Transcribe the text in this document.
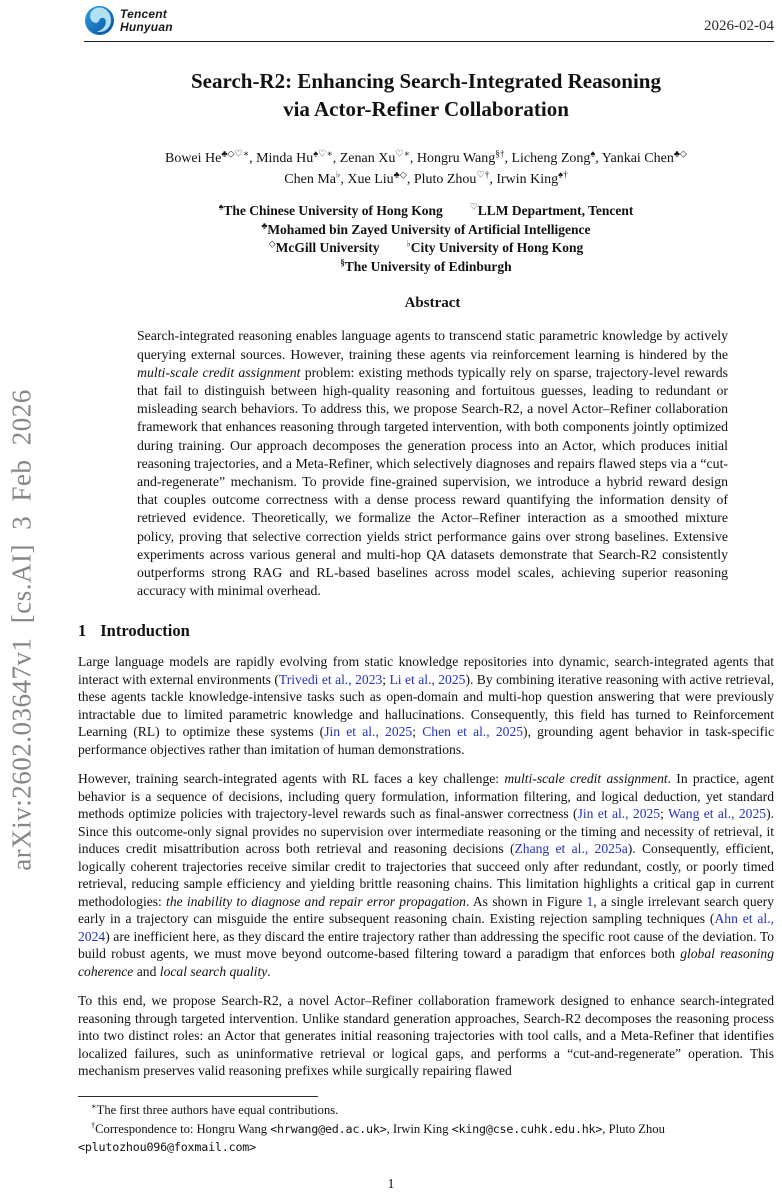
arXiv:2602.03647v1 [cs.AI] 3 Feb 2026
Tencent
Hunyuan	2026-02-04
Search-R2: Enhancing Search-Integrated Reasoning
via Actor-Refiner Collaboration
Bowei He♣◇♡∗, Minda Hu♠♡∗, Zenan Xu♡∗, Hongru Wang§†, Licheng Zong♠, Yankai Chen♣◇
Chen Ma♭, Xue Liu♣◇, Pluto Zhou♡†, Irwin King♠†
♠The Chinese University of Hong Kong	♡LLM Department, Tencent
♣Mohamed bin Zayed University of Artificial Intelligence
◇McGill University	♭City University of Hong Kong
§The University of Edinburgh
Abstract
Search-integrated reasoning enables language agents to transcend static parametric knowledge by actively querying external sources. However, training these agents via reinforcement learning is hindered by the multi-scale credit assignment problem: existing methods typically rely on sparse, trajectory-level rewards that fail to distinguish between high-quality reasoning and fortuitous guesses, leading to redundant or misleading search behaviors. To address this, we propose Search-R2, a novel Actor–Refiner collaboration framework that enhances reasoning through targeted intervention, with both components jointly optimized during training. Our approach decomposes the generation process into an Actor, which produces initial reasoning trajectories, and a Meta-Refiner, which selectively diagnoses and repairs flawed steps via a “cut-and-regenerate” mechanism. To provide fine-grained supervision, we introduce a hybrid reward design that couples outcome correctness with a dense process reward quantifying the information density of retrieved evidence. Theoretically, we formalize the Actor–Refiner interaction as a smoothed mixture policy, proving that selective correction yields strict performance gains over strong baselines. Extensive experiments across various general and multi-hop QA datasets demonstrate that Search-R2 consistently outperforms strong RAG and RL-based baselines across model scales, achieving superior reasoning accuracy with minimal overhead.
1 Introduction
Large language models are rapidly evolving from static knowledge repositories into dynamic, search-integrated agents that interact with external environments (Trivedi et al., 2023; Li et al., 2025). By combining iterative reasoning with active retrieval, these agents tackle knowledge-intensive tasks such as open-domain and multi-hop question answering that were previously intractable due to limited parametric knowledge and hallucinations. Consequently, this field has turned to Reinforcement Learning (RL) to optimize these systems (Jin et al., 2025; Chen et al., 2025), grounding agent behavior in task-specific performance objectives rather than imitation of human demonstrations.
However, training search-integrated agents with RL faces a key challenge: multi-scale credit assignment. In practice, agent behavior is a sequence of decisions, including query formulation, information filtering, and logical deduction, yet standard methods optimize policies with trajectory-level rewards such as final-answer correctness (Jin et al., 2025; Wang et al., 2025). Since this outcome-only signal provides no supervision over intermediate reasoning or the timing and necessity of retrieval, it induces credit misattribution across both retrieval and reasoning decisions (Zhang et al., 2025a). Consequently, efficient, logically coherent trajectories receive similar credit to trajectories that succeed only after redundant, costly, or poorly timed retrieval, reducing sample efficiency and yielding brittle reasoning chains. This limitation highlights a critical gap in current methodologies: the inability to diagnose and repair error propagation. As shown in Figure 1, a single irrelevant search query early in a trajectory can misguide the entire subsequent reasoning chain. Existing rejection sampling techniques (Ahn et al., 2024) are inefficient here, as they discard the entire trajectory rather than addressing the specific root cause of the deviation. To build robust agents, we must move beyond outcome-based filtering toward a paradigm that enforces both global reasoning coherence and local search quality.
To this end, we propose Search-R2, a novel Actor–Refiner collaboration framework designed to enhance search-integrated reasoning through targeted intervention. Unlike standard generation approaches, Search-R2 decomposes the reasoning process into two distinct roles: an Actor that generates initial reasoning trajectories with tool calls, and a Meta-Refiner that identifies localized failures, such as uninformative retrieval or logical gaps, and performs a “cut-and-regenerate” operation. This mechanism preserves valid reasoning prefixes while surgically repairing flawed
∗The first three authors have equal contributions.
†Correspondence to: Hongru Wang <hrwang@ed.ac.uk>, Irwin King <king@cse.cuhk.edu.hk>, Pluto Zhou <plutozhou096@foxmail.com>
1
